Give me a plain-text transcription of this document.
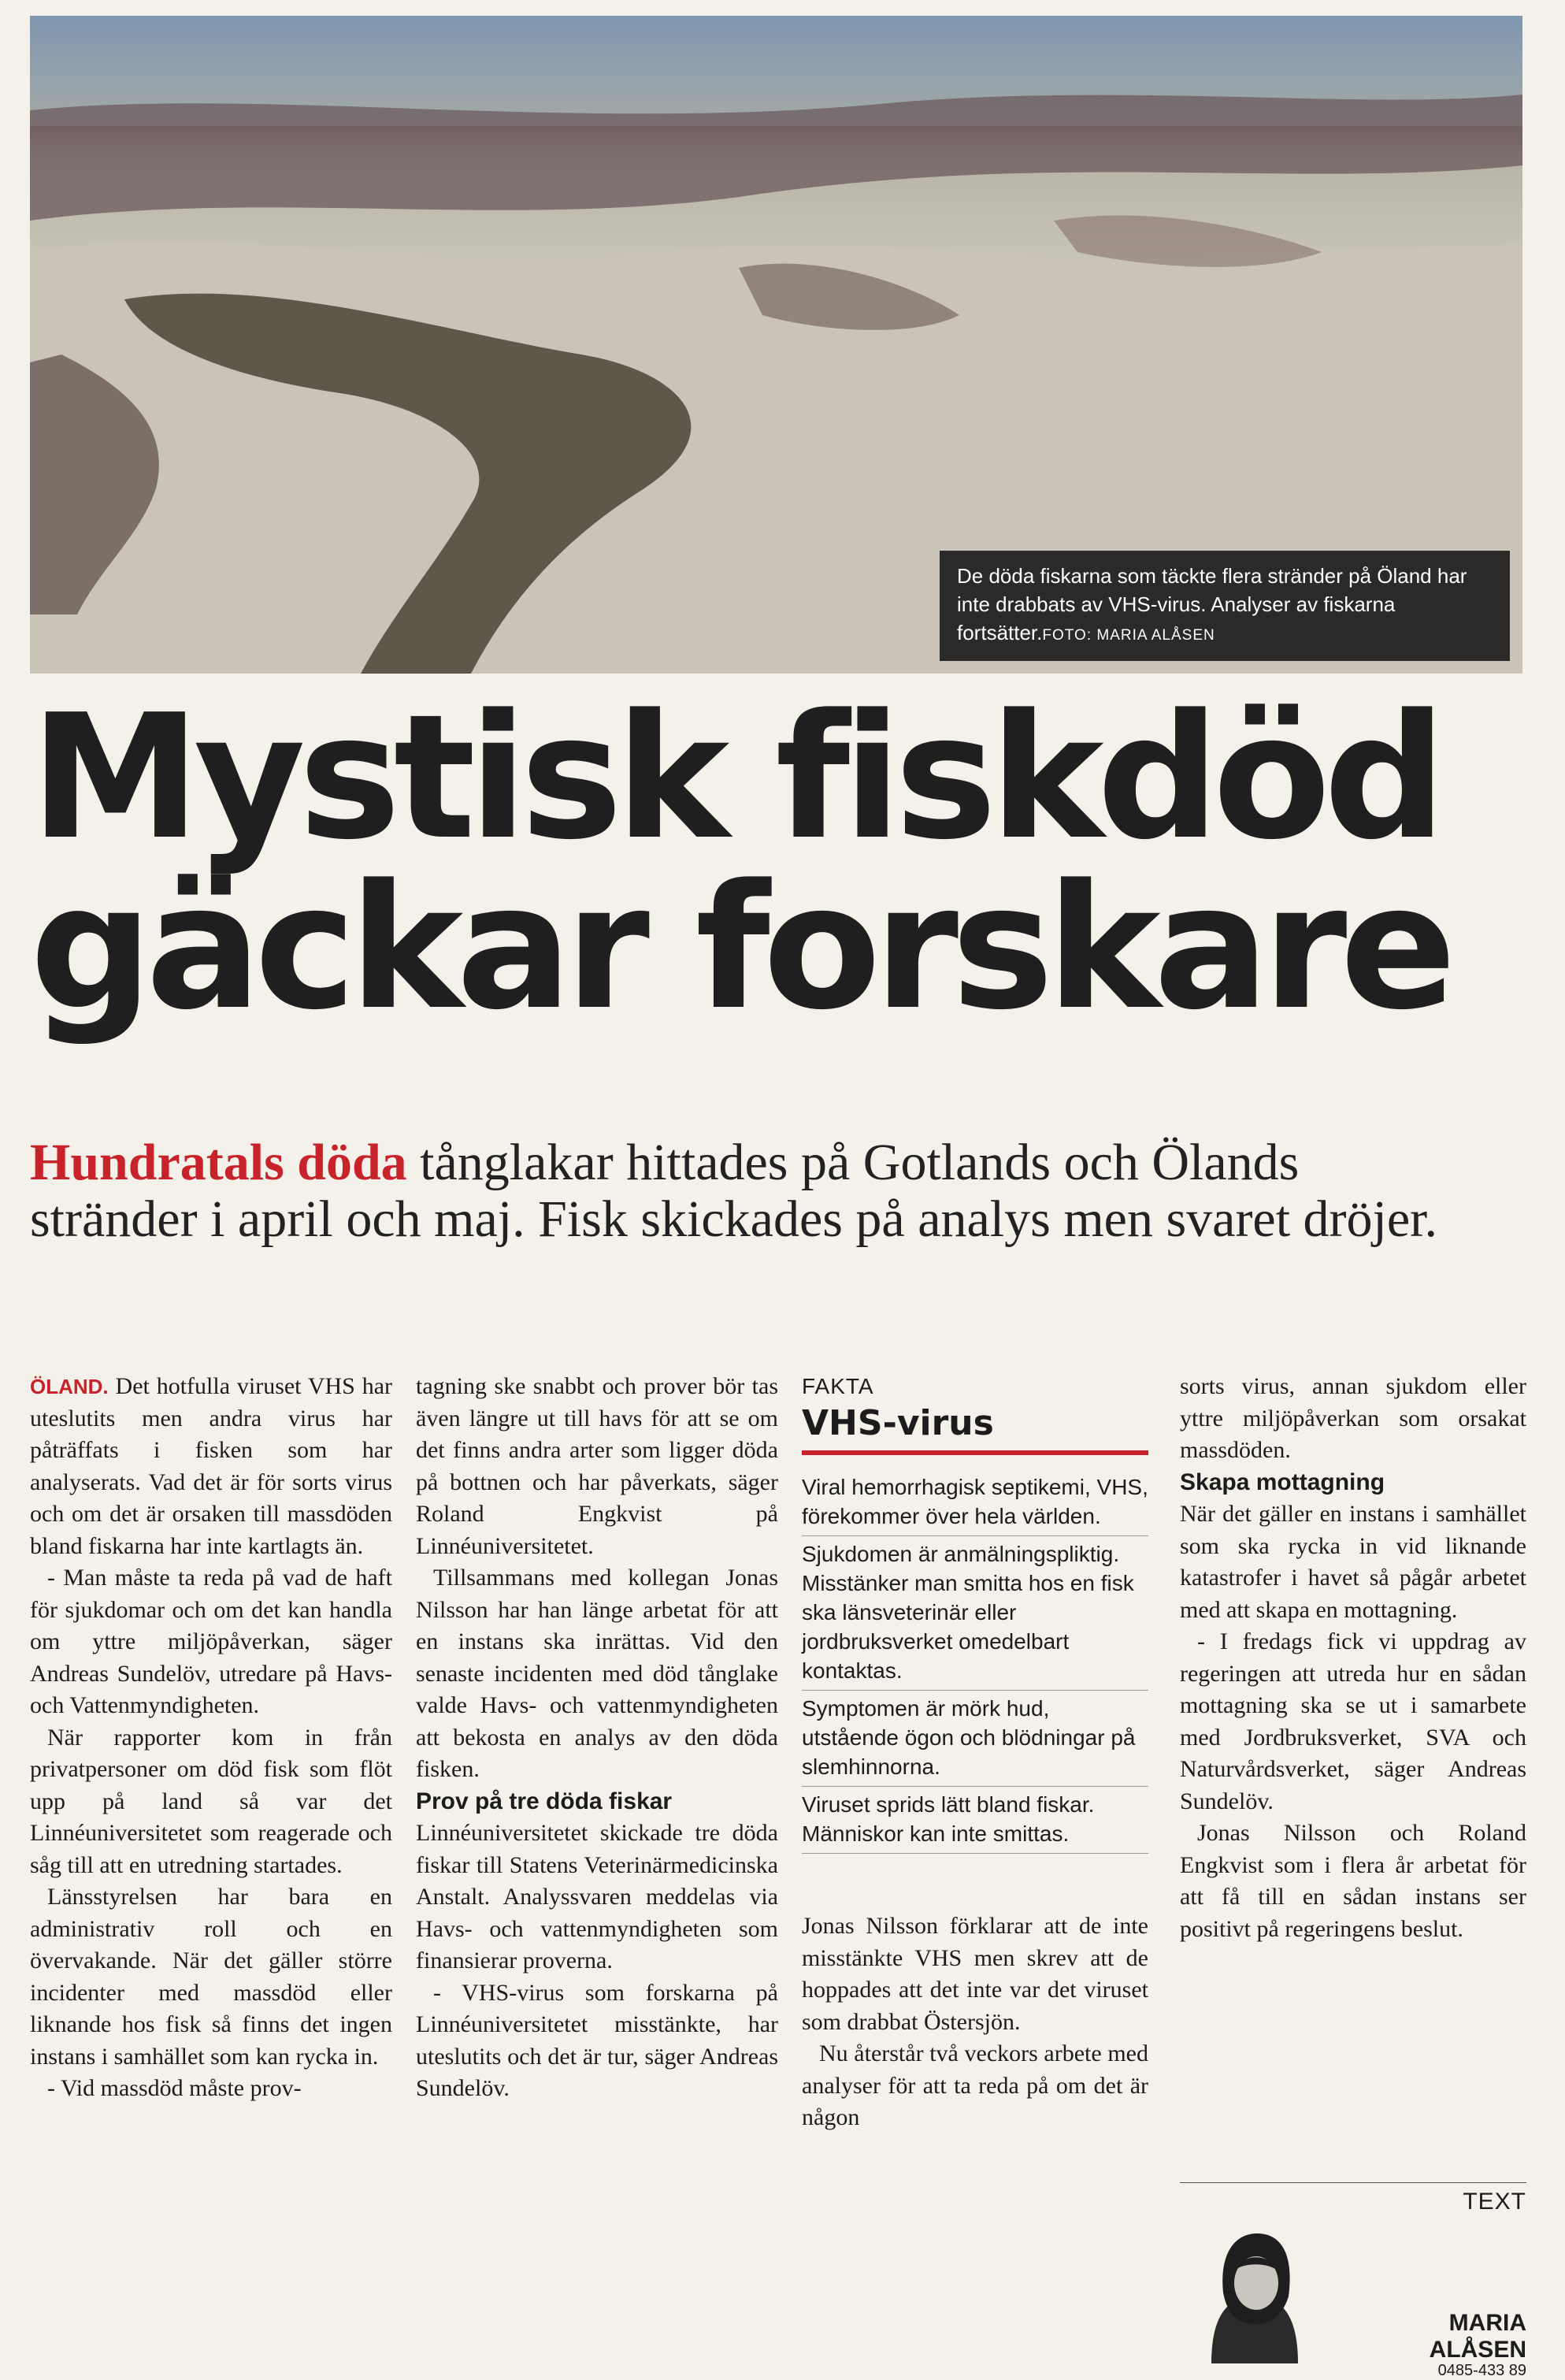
De döda fiskarna som täckte flera stränder på Öland har inte drabbats av VHS-virus. Analyser av fiskarna fortsätter.FOTO: MARIA ALÅSEN
Mystisk fiskdöd
gäckar forskare
Hundratals döda tånglakar hittades på Gotlands och Ölands stränder i april och maj. Fisk skickades på analys men svaret dröjer.

ÖLAND. Det hotfulla viruset VHS har uteslutits men andra virus har påträffats i fisken som har analyserats. Vad det är för sorts virus och om det är orsaken till massdöden bland fiskarna har inte kartlagts än.

- Man måste ta reda på vad de haft för sjukdomar och om det kan handla om yttre miljöpåverkan, säger Andreas Sundelöv, utredare på Havs- och Vattenmyndigheten.

När rapporter kom in från privatpersoner om död fisk som flöt upp på land så var det Linnéuniversitetet som reagerade och såg till att en utredning startades.

Länsstyrelsen har bara en administrativ roll och en övervakande. När det gäller större incidenter med massdöd eller liknande hos fisk så finns det ingen instans i samhället som kan rycka in.

- Vid massdöd måste prov-

tagning ske snabbt och prover bör tas även längre ut till havs för att se om det finns andra arter som ligger döda på bottnen och har påverkats, säger Roland Engkvist på Linnéuniversitetet.

Tillsammans med kollegan Jonas Nilsson har han länge arbetat för att en instans ska inrättas. Vid den senaste incidenten med död tånglake valde Havs- och vattenmyndigheten att bekosta en analys av den döda fisken.

Prov på tre döda fiskar

Linnéuniversitetet skickade tre döda fiskar till Statens Veterinärmedicinska Anstalt. Analyssvaren meddelas via Havs- och vattenmyndigheten som finansierar proverna.

- VHS-virus som forskarna på Linnéuniversitetet misstänkte, har uteslutits och det är tur, säger Andreas Sundelöv.

FAKTA
VHS-virus
Viral hemorrhagisk septikemi, VHS, förekommer över hela världen.
Sjukdomen är anmälningspliktig. Misstänker man smitta hos en fisk ska länsveterinär eller jordbruksverket omedelbart kontaktas.
Symptomen är mörk hud, utstående ögon och blödningar på slemhinnorna.
Viruset sprids lätt bland fiskar. Människor kan inte smittas.

Jonas Nilsson förklarar att de inte misstänkte VHS men skrev att de hoppades att det inte var det viruset som drabbat Östersjön.

Nu återstår två veckors arbete med analyser för att ta reda på om det är någon

sorts virus, annan sjukdom eller yttre miljöpåverkan som orsakat massdöden.

Skapa mottagning

När det gäller en instans i samhället som ska rycka in vid liknande katastrofer i havet så pågår arbetet med att skapa en mottagning.

- I fredags fick vi uppdrag av regeringen att utreda hur en sådan mottagning ska se ut i samarbete med Jordbruksverket, SVA och Naturvårdsverket, säger Andreas Sundelöv.

Jonas Nilsson och Roland Engkvist som i flera år arbetat för att få till en sådan instans ser positivt på regeringens beslut.

TEXT
MARIA
ALÅSEN
0485-433 89
